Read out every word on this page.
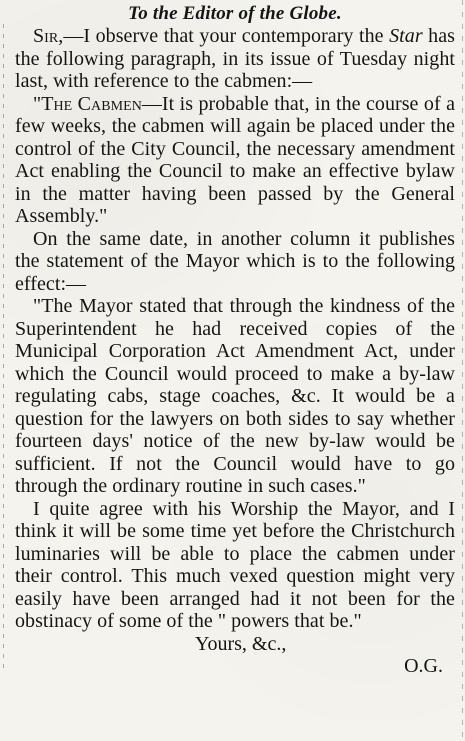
To the Editor of the Globe.

Sir,—I observe that your contemporary the Star has the following paragraph, in its issue of Tuesday night last, with reference to the cabmen:—

"The Cabmen—It is probable that, in the course of a few weeks, the cabmen will again be placed under the control of the City Council, the necessary amendment Act enabling the Council to make an effective bylaw in the matter having been passed by the General Assembly."

On the same date, in another column it publishes the statement of the Mayor which is to the following effect:—

"The Mayor stated that through the kindness of the Superintendent he had received copies of the Municipal Corporation Act Amendment Act, under which the Council would proceed to make a by-law regulating cabs, stage coaches, &c. It would be a question for the lawyers on both sides to say whether fourteen days' notice of the new by-law would be sufficient. If not the Council would have to go through the ordinary routine in such cases."

I quite agree with his Worship the Mayor, and I think it will be some time yet before the Christchurch luminaries will be able to place the cabmen under their control. This much vexed question might very easily have been arranged had it not been for the obstinacy of some of the " powers that be."

Yours, &c.,

O.G.
